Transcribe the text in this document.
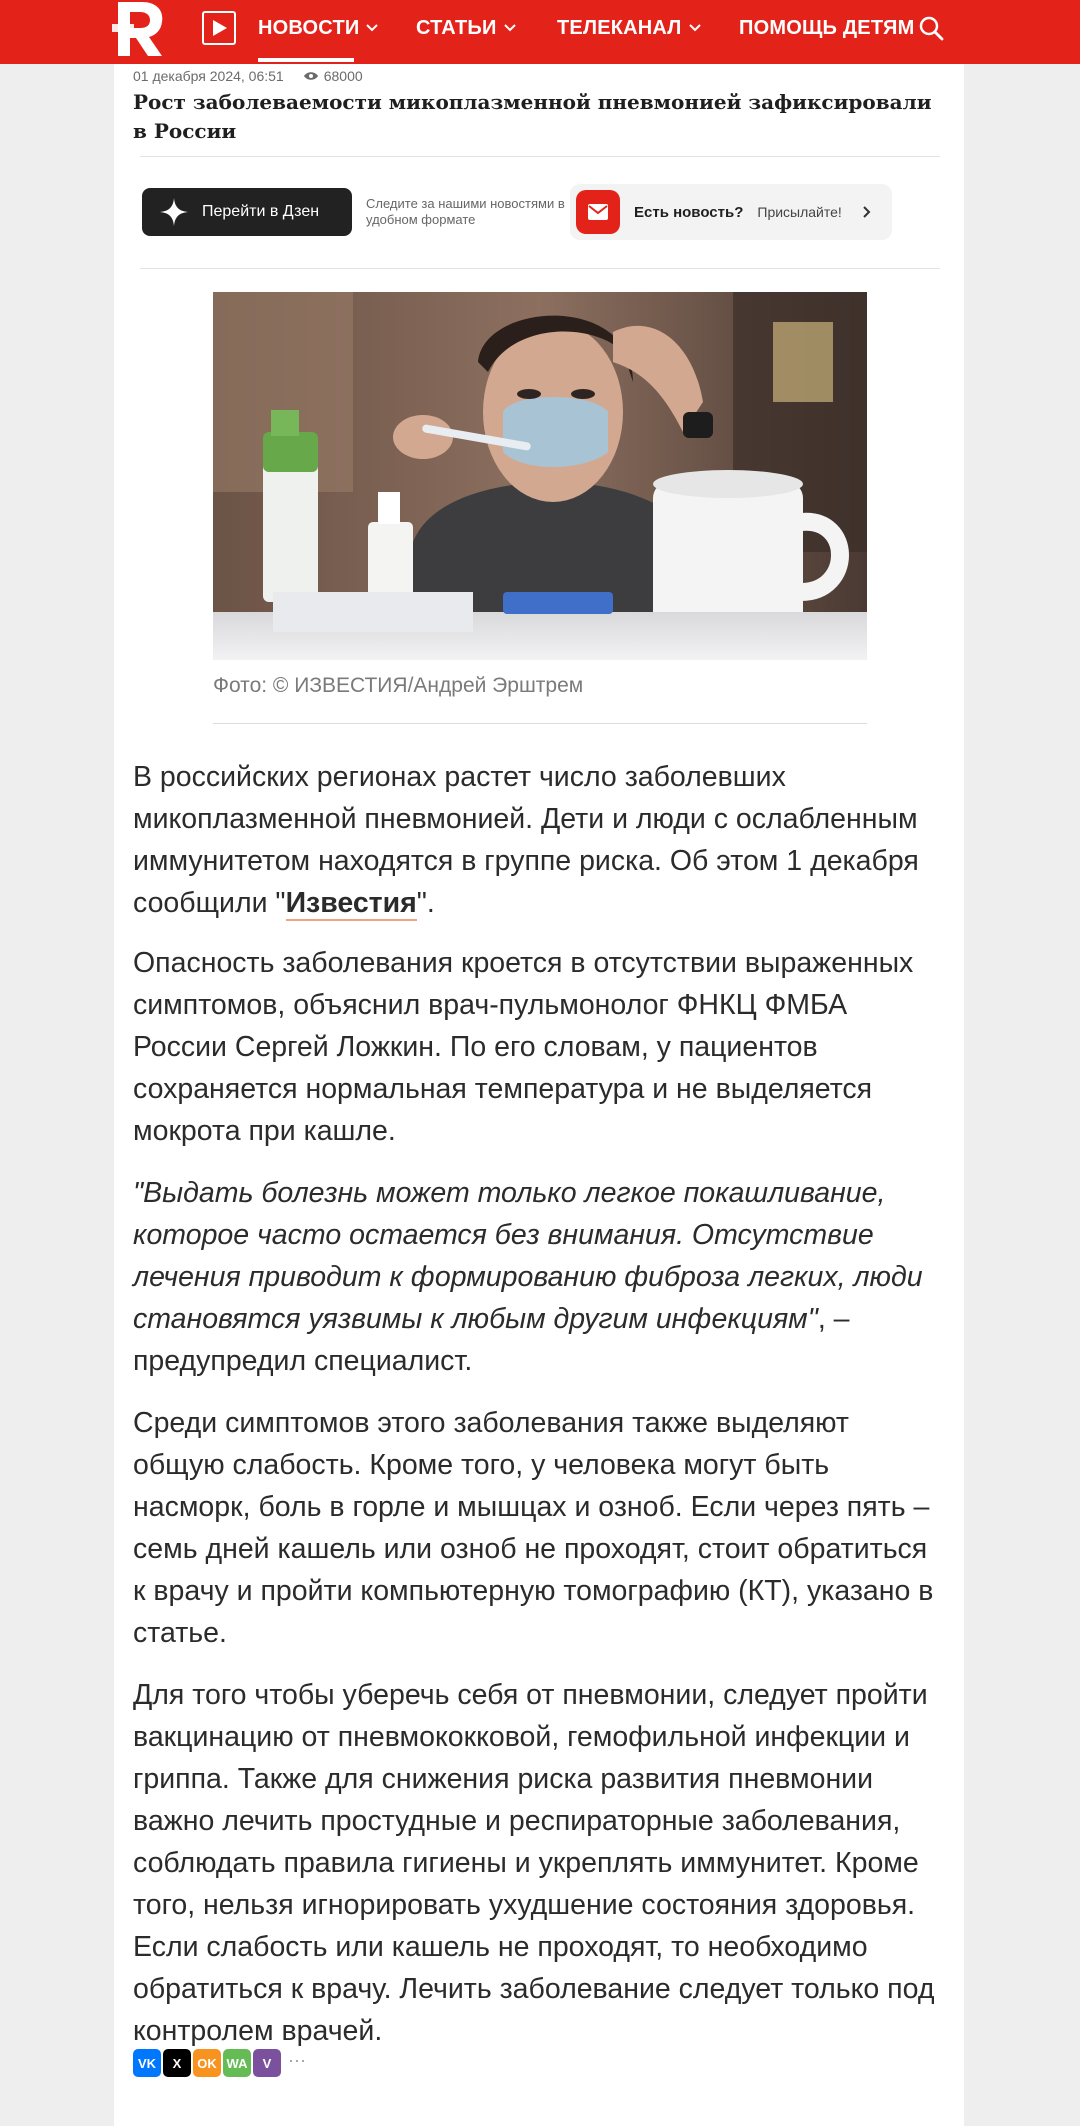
НОВОСТИ	СТАТЬИ	ТЕЛЕКАНАЛ	ПОМОЩЬ ДЕТЯМ
01 декабря 2024, 06:51	68000
Рост заболеваемости микоплазменной пневмонией зафиксировали в России
Перейти в Дзен	Следите за нашими новостями в удобном формате	Есть новость? Присылайте!
Фото: © ИЗВЕСТИЯ/Андрей Эрштрем

В российских регионах растет число заболевших микоплазменной пневмонией. Дети и люди с ослабленным иммунитетом находятся в группе риска. Об этом 1 декабря сообщили "Известия".

Опасность заболевания кроется в отсутствии выраженных симптомов, объяснил врач-пульмонолог ФНКЦ ФМБА России Сергей Ложкин. По его словам, у пациентов сохраняется нормальная температура и не выделяется мокрота при кашле.

"Выдать болезнь может только легкое покашливание, которое часто остается без внимания. Отсутствие лечения приводит к формированию фиброза легких, люди становятся уязвимы к любым другим инфекциям", – предупредил специалист.

Среди симптомов этого заболевания также выделяют общую слабость. Кроме того, у человека могут быть насморк, боль в горле и мышцах и озноб. Если через пять – семь дней кашель или озноб не проходят, стоит обратиться к врачу и пройти компьютерную томографию (КТ), указано в статье.

Для того чтобы уберечь себя от пневмонии, следует пройти вакцинацию от пневмококковой, гемофильной инфекции и гриппа. Также для снижения риска развития пневмонии важно лечить простудные и респираторные заболевания, соблюдать правила гигиены и укреплять иммунитет. Кроме того, нельзя игнорировать ухудшение состояния здоровья. Если слабость или кашель не проходят, то необходимо обратиться к врачу. Лечить заболевание следует только под контролем врачей.

VK X OK WA V ···
